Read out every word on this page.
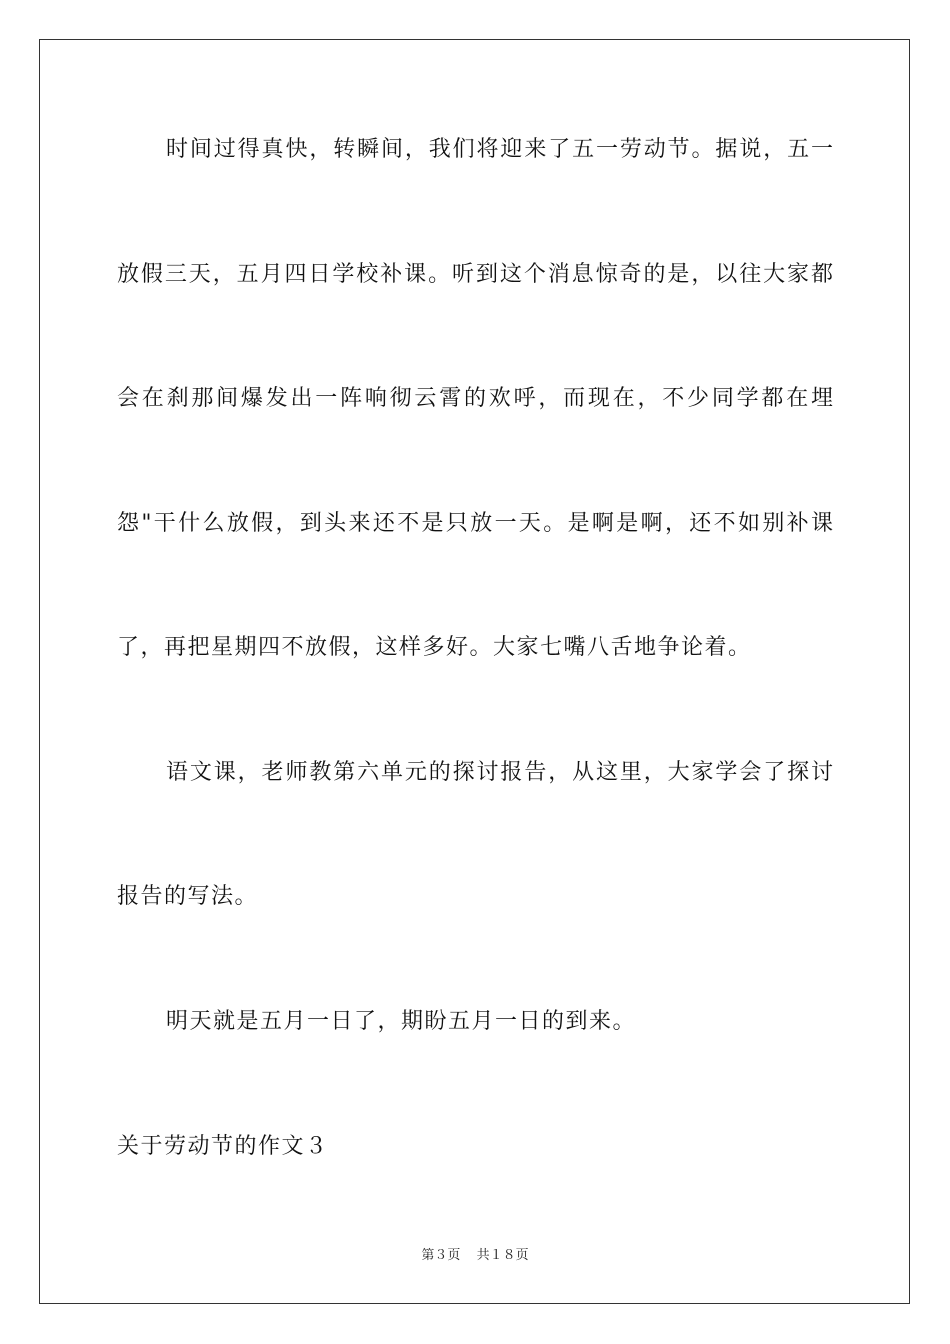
时间过得真快，转瞬间，我们将迎来了五一劳动节。据说，五一
放假三天，五月四日学校补课。听到这个消息惊奇的是，以往大家都
会在刹那间爆发出一阵响彻云霄的欢呼，而现在，不少同学都在埋
怨"干什么放假，到头来还不是只放一天。是啊是啊，还不如别补课
了，再把星期四不放假，这样多好。大家七嘴八舌地争论着。
语文课，老师教第六单元的探讨报告，从这里，大家学会了探讨
报告的写法。
明天就是五月一日了，期盼五月一日的到来。
关于劳动节的作文３
第３页 共１８页
